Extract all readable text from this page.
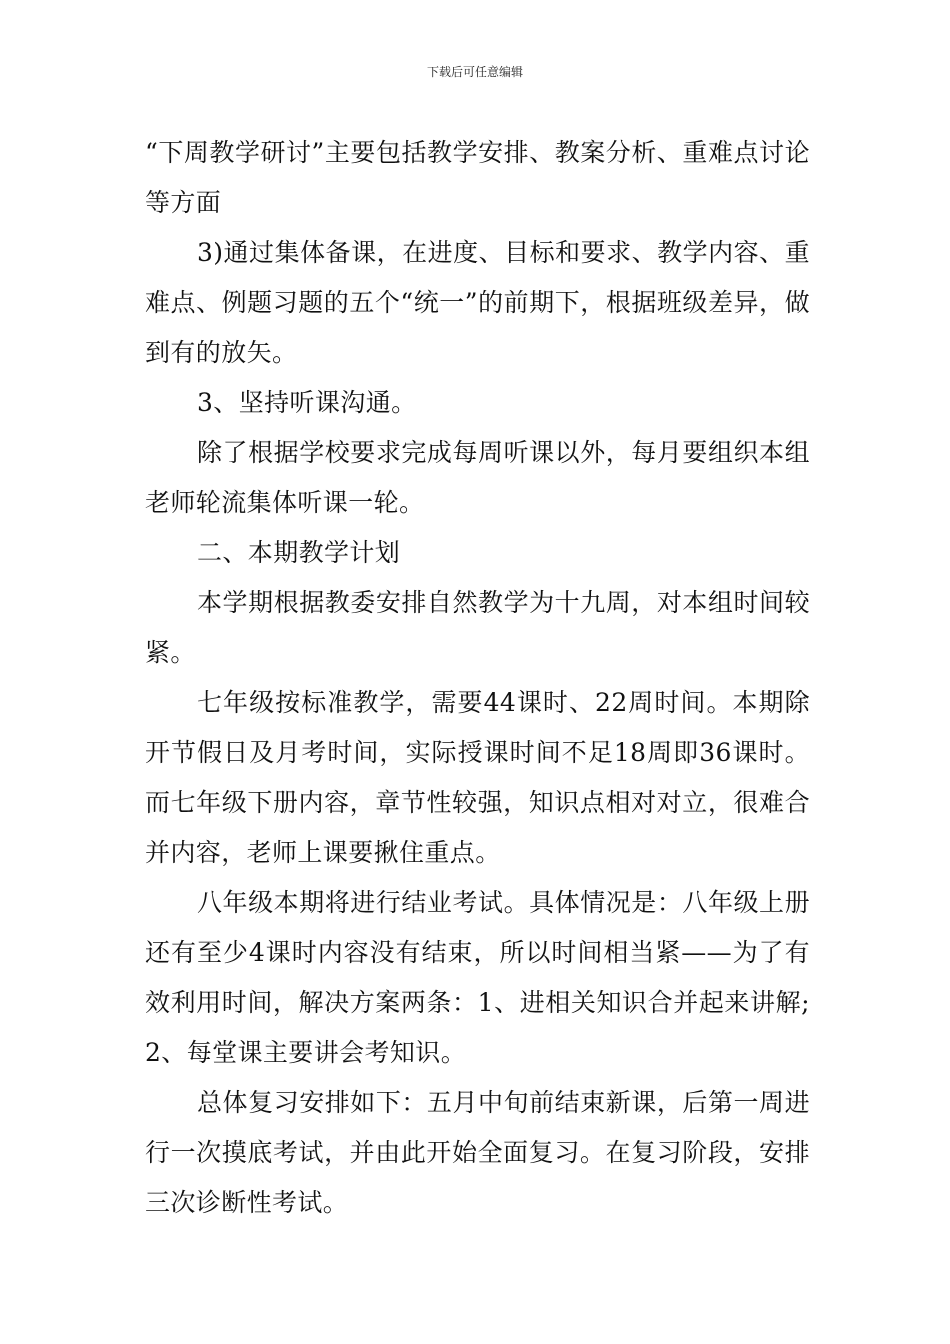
下载后可任意编辑

“下周教学研讨”主要包括教学安排、教案分析、重难点讨论等方面

3)通过集体备课，在进度、目标和要求、教学内容、重难点、例题习题的五个“统一”的前期下，根据班级差异，做到有的放矢。

3、坚持听课沟通。

除了根据学校要求完成每周听课以外，每月要组织本组老师轮流集体听课一轮。

二、本期教学计划

本学期根据教委安排自然教学为十九周，对本组时间较紧。

七年级按标准教学，需要44课时、22周时间。本期除开节假日及月考时间，实际授课时间不足18周即36课时。而七年级下册内容，章节性较强，知识点相对对立，很难合并内容，老师上课要揪住重点。

八年级本期将进行结业考试。具体情况是：八年级上册还有至少4课时内容没有结束，所以时间相当紧——为了有效利用时间，解决方案两条：1、进相关知识合并起来讲解;2、每堂课主要讲会考知识。

总体复习安排如下：五月中旬前结束新课，后第一周进行一次摸底考试，并由此开始全面复习。在复习阶段，安排三次诊断性考试。
